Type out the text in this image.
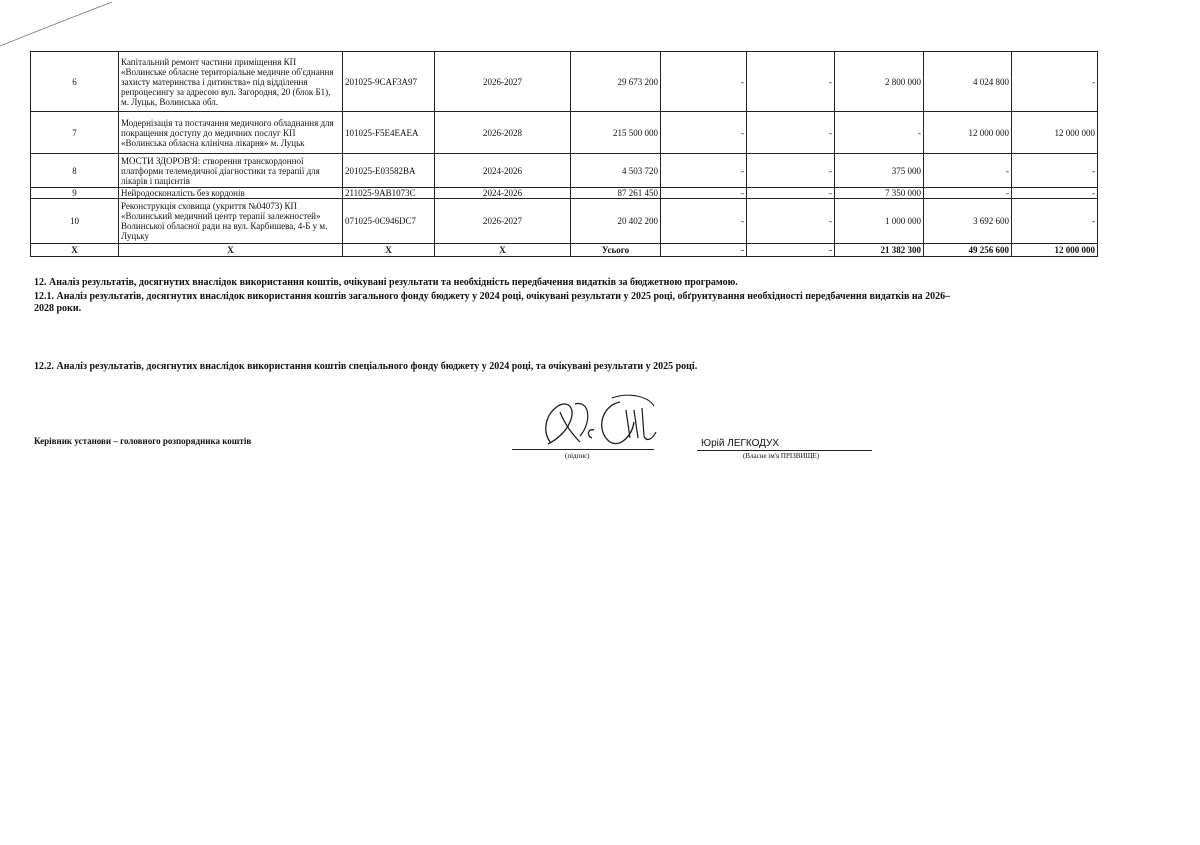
6	Капітальний ремонт частини приміщення КП «Волинське обласне територіальне медичне об'єднання захисту материнства і дитинства» під відділення репроцесингу за адресою вул. Загородня, 20 (блок Б1), м. Луцьк, Волинська обл.	201025-9CAF3A97	2026-2027	29 673 200	-	-	2 800 000	4 024 800	-
7	Модернізація та постачання медичного обладнання для покращення доступу до медичних послуг КП «Волинська обласна клінічна лікарня» м. Луцьк	101025-F5E4EAEA	2026-2028	215 500 000	-	-	-	12 000 000	12 000 000
8	МОСТИ ЗДОРОВ'Я: створення транскордонної платформи телемедичної діагностики та терапії для лікарів і пацієнтів	201025-E03582BA	2024-2026	4 503 720	-	-	375 000	-	-
9	Нейродосконалість без кордонів	211025-9AB1073C	2024-2026	87 261 450	-	-	7 350 000	-	-
10	Реконструкція сховища (укриття №04073) КП «Волинський медичний центр терапії залежностей» Волинської обласної ради на вул. Карбишева, 4-Б у м. Луцьку	071025-0C946DC7	2026-2027	20 402 200	-	-	1 000 000	3 692 600	-
X	X	X	X	Усього	-	-	21 382 300	49 256 600	12 000 000
12. Аналіз результатів, досягнутих внаслідок використання коштів, очікувані результати та необхідність передбачення видатків за бюджетною програмою.
12.1. Аналіз результатів, досягнутих внаслідок використання коштів загального фонду бюджету у 2024 році, очікувані результати у 2025 році, обґрунтування необхідності передбачення видатків на 2026–2028 роки.
12.2. Аналіз результатів, досягнутих внаслідок використання коштів спеціального фонду бюджету у 2024 році, та очікувані результати у 2025 році.
Керівник установи – головного розпорядника коштів
(підпис)
Юрій ЛЕГКОДУХ
(Власне ім'я ПРІЗВИЩЕ)
